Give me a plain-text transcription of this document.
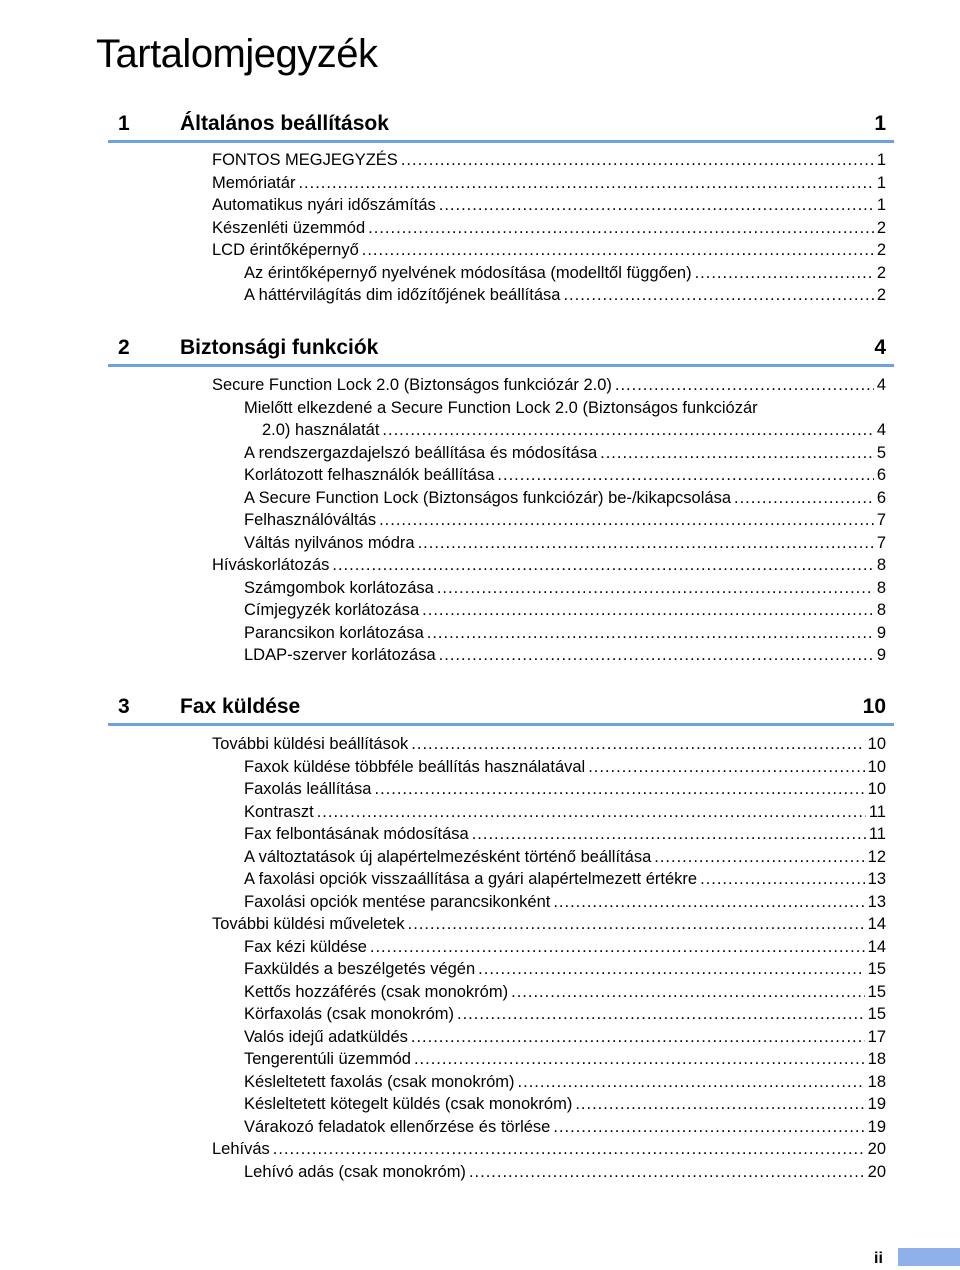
Tartalomjegyzék
1 Általános beállítások	1
FONTOS MEGJEGYZÉS .....	1
Memóriatár .....	1
Automatikus nyári időszámítás .....	1
Készenléti üzemmód .....	2
LCD érintőképernyő .....	2
Az érintőképernyő nyelvének módosítása (modelltől függően) .....	2
A háttérvilágítás dim időzítőjének beállítása .....	2
2 Biztonsági funkciók	4
Secure Function Lock 2.0 (Biztonságos funkciózár 2.0) .....	4
Mielőtt elkezdené a Secure Function Lock 2.0 (Biztonságos funkciózár
2.0) használatát .....	4
A rendszergazdajelszó beállítása és módosítása .....	5
Korlátozott felhasználók beállítása .....	6
A Secure Function Lock (Biztonságos funkciózár) be-/kikapcsolása .....	6
Felhasználóváltás .....	7
Váltás nyilvános módra .....	7
Híváskorlátozás .....	8
Számgombok korlátozása .....	8
Címjegyzék korlátozása .....	8
Parancsikon korlátozása .....	9
LDAP-szerver korlátozása .....	9
3 Fax küldése	10
További küldési beállítások .....	10
Faxok küldése többféle beállítás használatával .....	10
Faxolás leállítása .....	10
Kontraszt .....	11
Fax felbontásának módosítása .....	11
A változtatások új alapértelmezésként történő beállítása .....	12
A faxolási opciók visszaállítása a gyári alapértelmezett értékre .....	13
Faxolási opciók mentése parancsikonként .....	13
További küldési műveletek .....	14
Fax kézi küldése .....	14
Faxküldés a beszélgetés végén .....	15
Kettős hozzáférés (csak monokróm) .....	15
Körfaxolás (csak monokróm) .....	15
Valós idejű adatküldés .....	17
Tengerentúli üzemmód .....	18
Késleltetett faxolás (csak monokróm) .....	18
Késleltetett kötegelt küldés (csak monokróm) .....	19
Várakozó feladatok ellenőrzése és törlése .....	19
Lehívás .....	20
Lehívó adás (csak monokróm) .....	20
ii
